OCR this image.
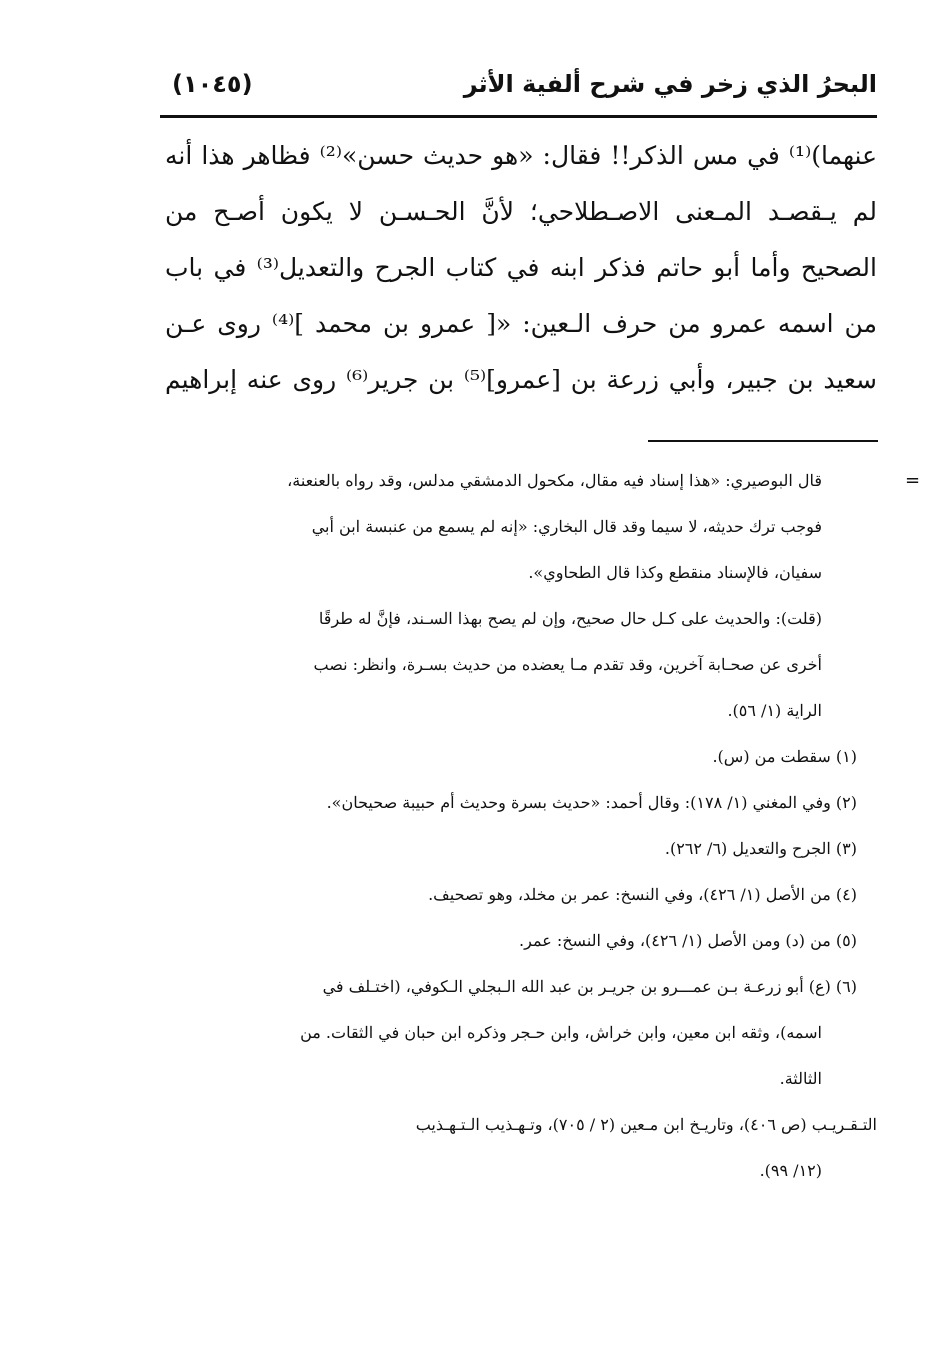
البحرُ الذي زخر في شرح ألفية الأثر
(١٠٤٥)
عنهما)⁽¹⁾ في مس الذكر!! فقال: «هو حديث حسن»⁽²⁾ فظاهر هذا أنه
لم يـقصـد المـعنى الاصـطلاحي؛ لأنَّ الحـسـن لا يكون أصـح من
الصحيح وأما أبو حاتم فذكر ابنه في كتاب الجرح والتعديل⁽³⁾ في باب
من اسمه عمرو من حرف الـعين: «[ عمرو بن محمد ]⁽⁴⁾ روى عـن
سعيد بن جبير، وأبي زرعة بن [عمرو]⁽⁵⁾ بن جرير⁽⁶⁾ روى عنه إبراهيم
=
قال البوصيري: «هذا إسناد فيه مقال، مكحول الدمشقي مدلس، وقد رواه بالعنعنة،
فوجب ترك حديثه، لا سيما وقد قال البخاري: «إنه لم يسمع من عنبسة ابن أبي
سفيان، فالإسناد منقطع وكذا قال الطحاوي».
(قلت): والحديث على كـل حال صحيح، وإن لم يصح بهذا السـند، فإنَّ له طرقًا
أخرى عن صحـابة آخرين، وقد تقدم مـا يعضده من حديث بسـرة، وانظر: نصب
الراية (١/ ٥٦).
(١) سقطت من (س).
(٢) وفي المغني (١/ ١٧٨): وقال أحمد: «حديث بسرة وحديث أم حبيبة صحيحان».
(٣) الجرح والتعديل (٦/ ٢٦٢).
(٤) من الأصل (١/ ٤٢٦)، وفي النسخ: عمر بن مخلد، وهو تصحيف.
(٥) من (د) ومن الأصل (١/ ٤٢٦)، وفي النسخ: عمر.
(٦) (ع) أبو زرعـة بـن عمـــرو بن جريـر بن عبد الله الـبجلي الـكوفي، (اختـلف في
اسمه)، وثقه ابن معين، وابن خراش، وابن حـجر وذكره ابن حبان في الثقات. من
الثالثة.
التـقـريـب (ص ٤٠٦)، وتاريـخ ابن مـعين (٢ / ٧٠٥)، وتـهـذيب الـتـهـذيب
(١٢/ ٩٩).
